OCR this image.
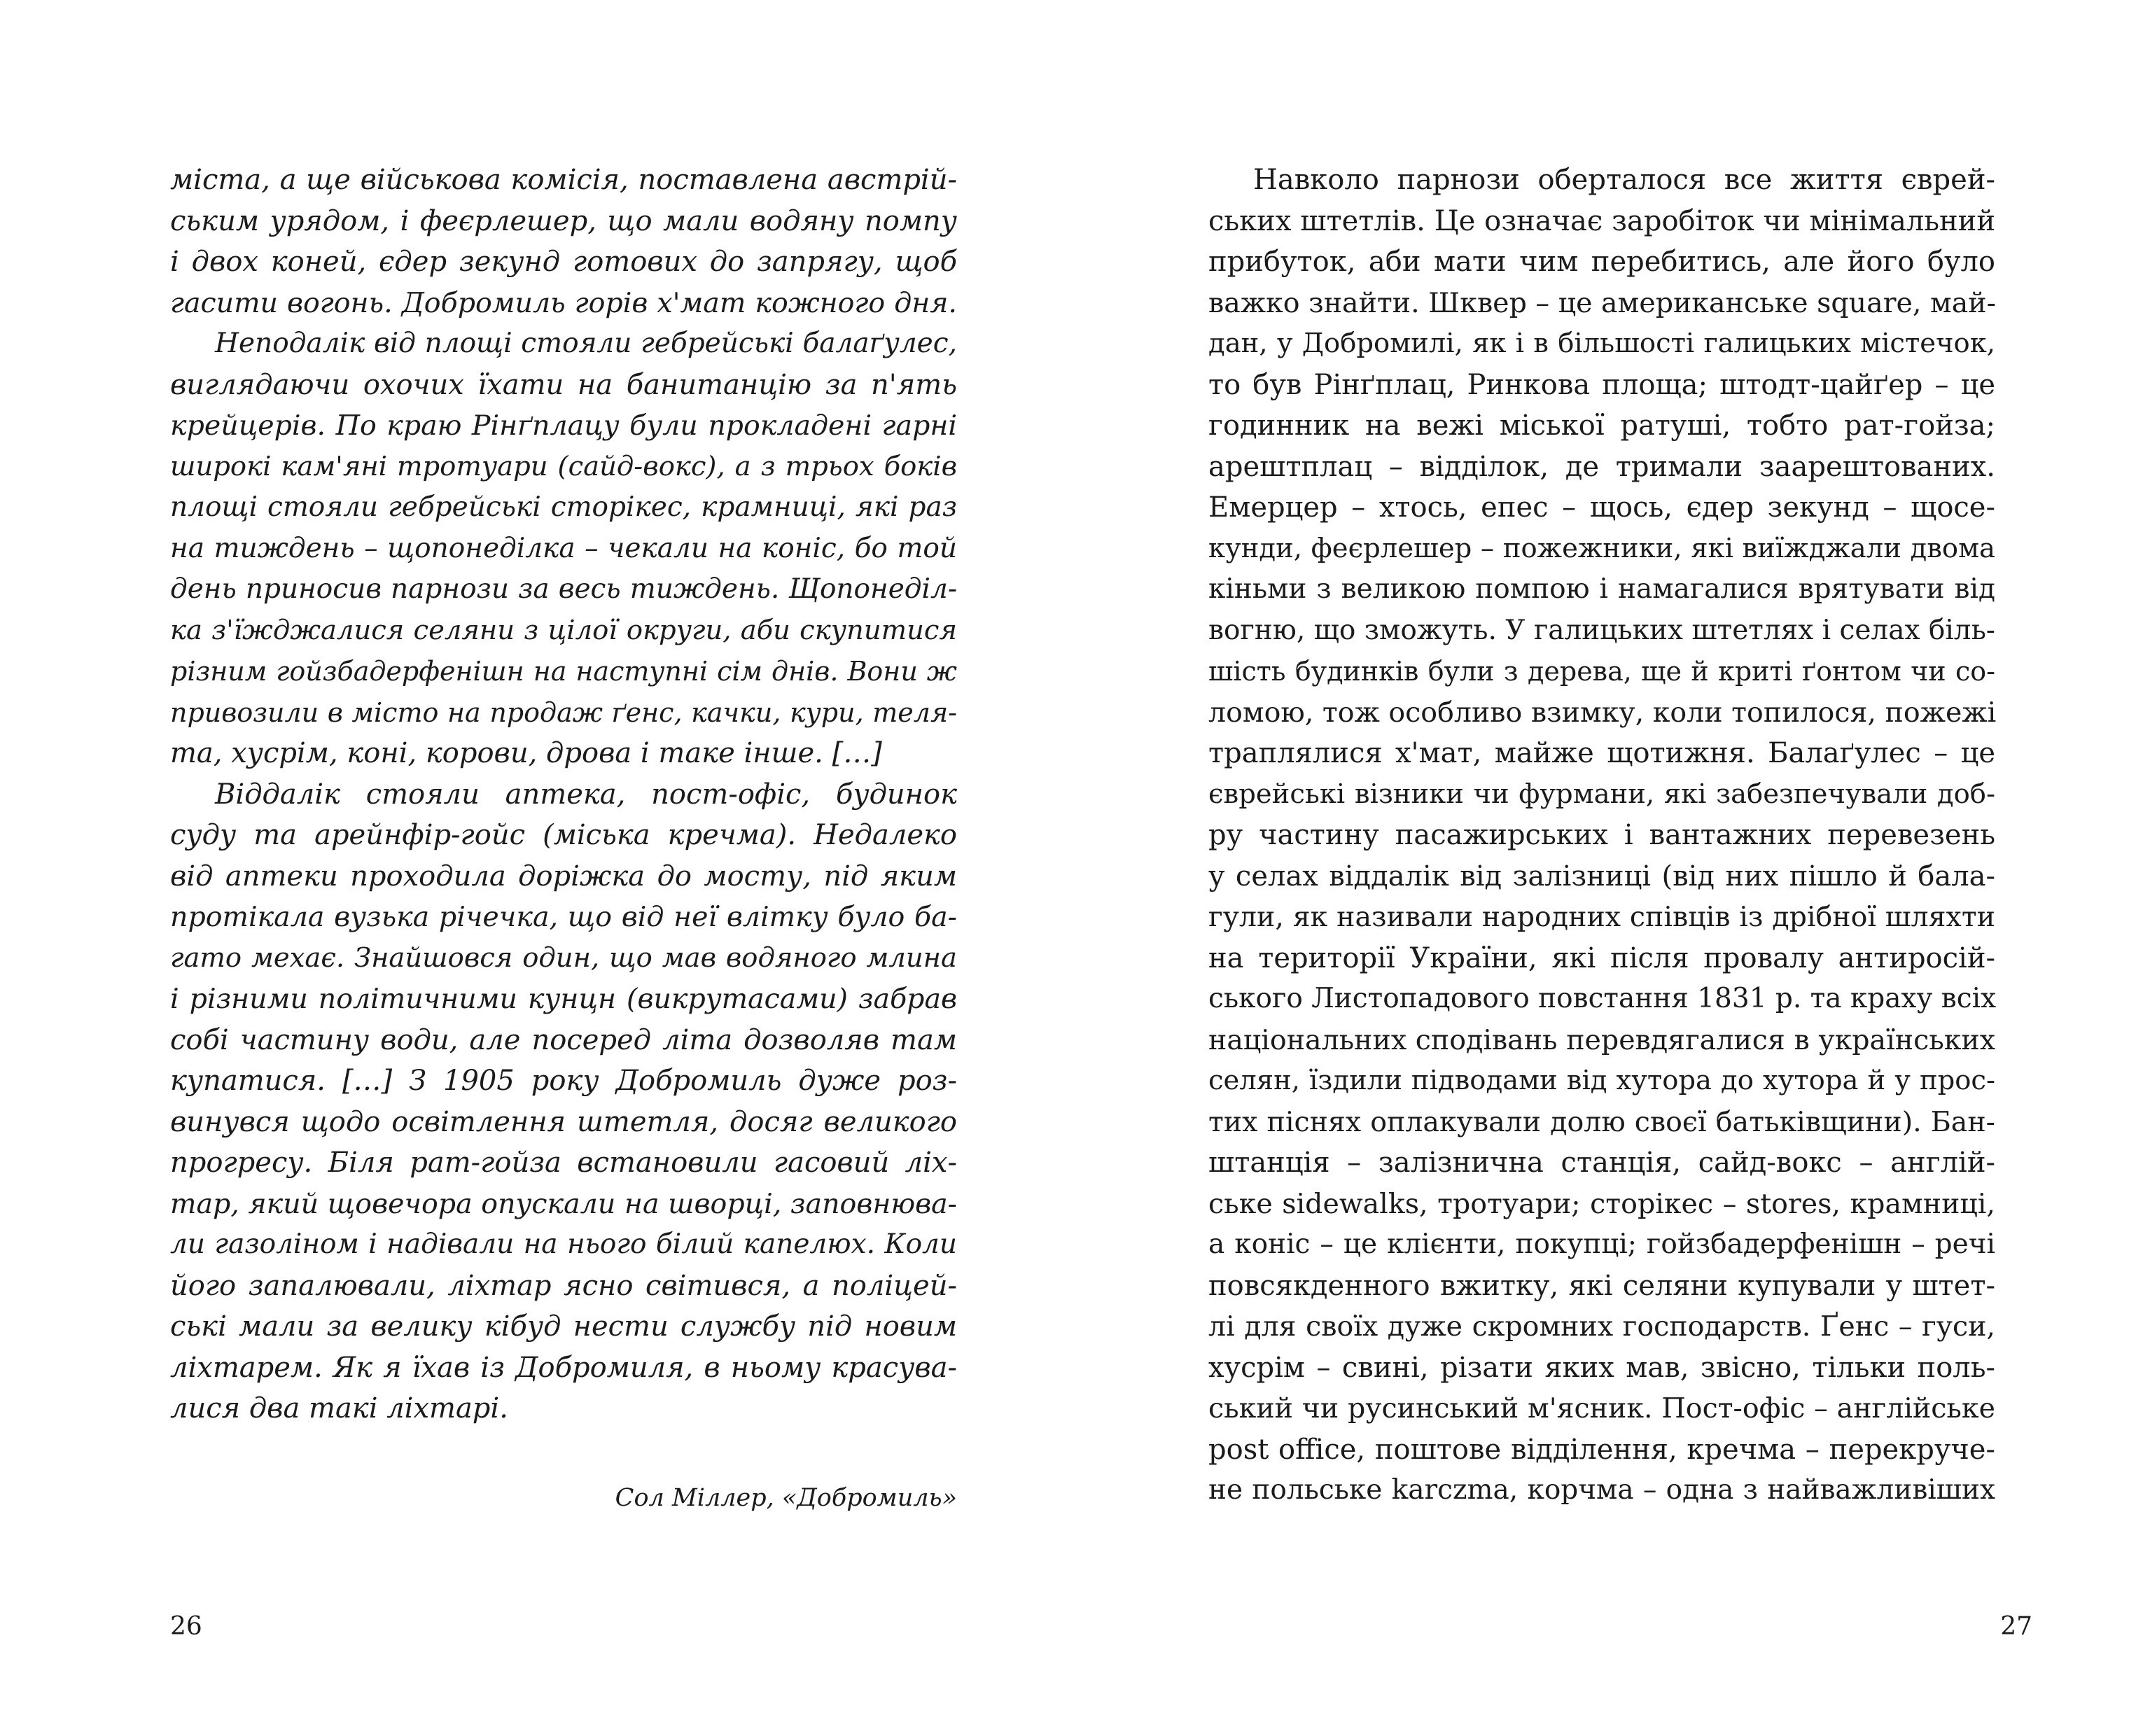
міста, а ще військова комісія, поставлена австрій-
ським урядом, і феєрлешер, що мали водяну помпу
і двох коней, єдер зекунд готових до запрягу, щоб
гасити вогонь. Добромиль горів х'мат кожного дня.
Неподалік від площі стояли гебрейські балаґулес,
виглядаючи охочих їхати на банитанцію за п'ять
крейцерів. По краю Рінґплацу були прокладені гарні
широкі кам'яні тротуари (сайд-вокс), а з трьох боків
площі стояли гебрейські сторікес, крамниці, які раз
на тиждень – щопонеділка – чекали на коніс, бо той
день приносив парнози за весь тиждень. Щопонеділ-
ка з'їжджалися селяни з цілої округи, аби скупитися
різним гойзбадерфенішн на наступні сім днів. Вони ж
привозили в місто на продаж ґенс, качки, кури, теля-
та, хусрім, коні, корови, дрова і таке інше. […]
Віддалік стояли аптека, пост-офіс, будинок
суду та арейнфір-гойс (міська кречма). Недалеко
від аптеки проходила доріжка до мосту, під яким
протікала вузька річечка, що від неї влітку було ба-
гато мехає. Знайшовся один, що мав водяного млина
і різними політичними кунцн (викрутасами) забрав
собі частину води, але посеред літа дозволяв там
купатися. […] З 1905 року Добромиль дуже роз-
винувся щодо освітлення штетля, досяг великого
прогресу. Біля рат-гойза встановили гасовий ліх-
тар, який щовечора опускали на шворці, заповнюва-
ли газоліном і надівали на нього білий капелюх. Коли
його запалювали, ліхтар ясно світився, а поліцей-
ські мали за велику кібуд нести службу під новим
ліхтарем. Як я їхав із Добромиля, в ньому красува-
лися два такі ліхтарі.
Сол Міллер, «Добромиль»
26
Навколо парнози оберталося все життя єврей-
ських штетлів. Це означає заробіток чи мінімальний
прибуток, аби мати чим перебитись, але його було
важко знайти. Шквер – це американське square, май-
дан, у Добромилі, як і в більшості галицьких містечок,
то був Рінґплац, Ринкова площа; штодт-цайґер – це
годинник на вежі міської ратуші, тобто рат-гойза;
арештплац – відділок, де тримали заарештованих.
Емерцер – хтось, епес – щось, єдер зекунд – щосе-
кунди, феєрлешер – пожежники, які виїжджали двома
кіньми з великою помпою і намагалися врятувати від
вогню, що зможуть. У галицьких штетлях і селах біль-
шість будинків були з дерева, ще й криті ґонтом чи со-
ломою, тож особливо взимку, коли топилося, пожежі
траплялися х'мат, майже щотижня. Балаґулес – це
єврейські візники чи фурмани, які забезпечували доб-
ру частину пасажирських і вантажних перевезень
у селах віддалік від залізниці (від них пішло й бала-
гули, як називали народних співців із дрібної шляхти
на території України, які після провалу антиросій-
ського Листопадового повстання 1831 р. та краху всіх
національних сподівань перевдягалися в українських
селян, їздили підводами від хутора до хутора й у прос-
тих піснях оплакували долю своєї батьківщини). Бан-
штанція – залізнична станція, сайд-вокс – англій-
ське sidewalks, тротуари; сторікес – stores, крамниці,
а коніс – це клієнти, покупці; гойзбадерфенішн – речі
повсякденного вжитку, які селяни купували у штет-
лі для своїх дуже скромних господарств. Ґенс – гуси,
хусрім – свині, різати яких мав, звісно, тільки поль-
ський чи русинський м'ясник. Пост-офіс – англійське
post office, поштове відділення, кречма – перекруче-
не польське karczma, корчма – одна з найважливіших
27
